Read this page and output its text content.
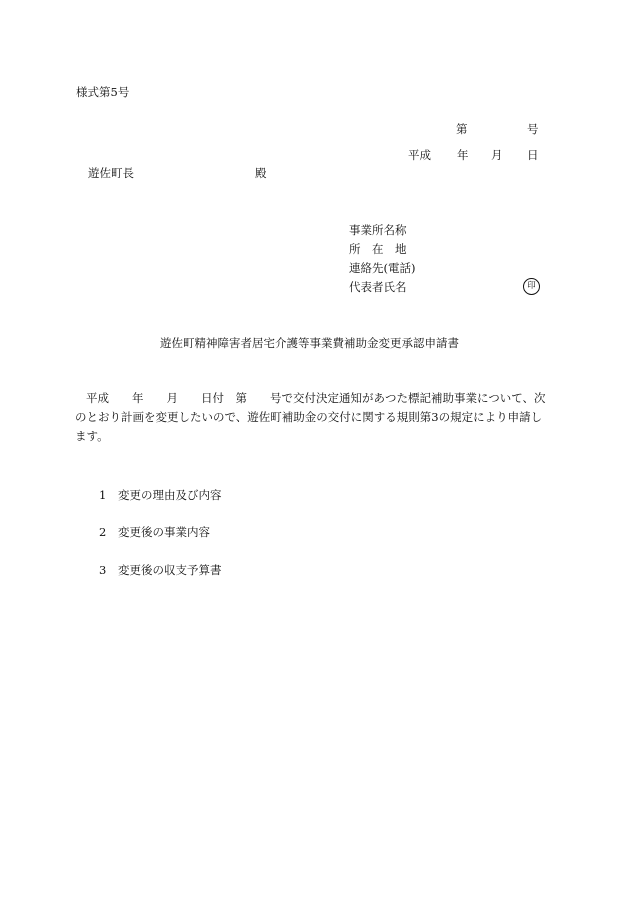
様式第5号
第	号
平成 年 月 日
遊佐町長	殿
事業所名称
所　在　地
連絡先(電話)
代表者氏名	印
遊佐町精神障害者居宅介護等事業費補助金変更承認申請書
平成　　年　　月　　日付　第　　号で交付決定通知があつた標記補助事業について、次のとおり計画を変更したいので、遊佐町補助金の交付に関する規則第3の規定により申請します。
1 変更の理由及び内容
2 変更後の事業内容
3 変更後の収支予算書
